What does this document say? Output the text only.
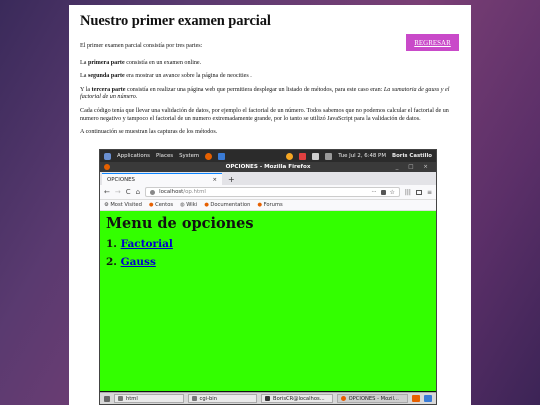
Nuestro primer examen parcial
REGRESAR

El primer examen parcial consistía por tres partes:

La primera parte consistía en un examen online.

La segunda parte era mostrar un avance sobre la página de neocities .

Y la tercera parte consistía en realizar una página web que permitiera desplegar un listado de métodos, para este caso eran: La sumatoria de gauss y el factorial de un número.

Cada código tenía que llevar una validación de datos, por ejemplo el factorial de un número. Todos sabemos que no podemos calcular el factorial de un numero negativo y tampoco el factorial de un numero extremadamente grande, por lo tanto se utilizó JavaScript para la validación de datos.

A continuación se muestran las capturas de los métodos.

Applications Places System	Tue Jul 2, 6:48 PM Boris Castillo
OPCIONES - Mozilla Firefox	_ □ ×
OPCIONES	×	+
← → C ⌂	localhost/op.html	··· ☆ |||	≡
⚙ Most Visited ● Centos ◍ Wiki ● Documentation ● Forums
Menu de opciones
1. Factorial
2. Gauss
html	cgi-bin	BorisCR@localhos...	OPCIONES - Mozil...
